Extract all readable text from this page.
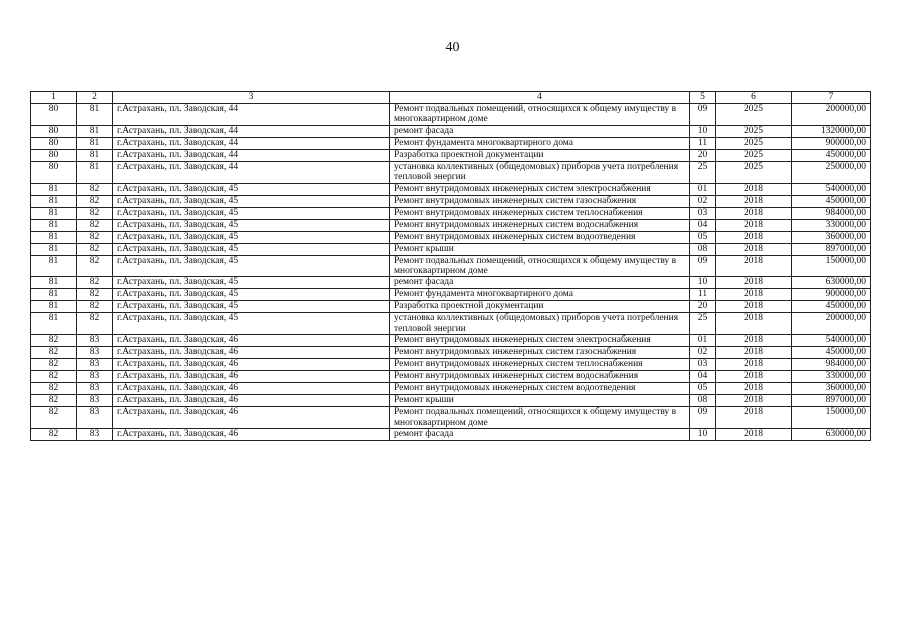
40
1	2	3	4	5	6	7
80	81	г.Астрахань, пл. Заводская, 44	Ремонт подвальных помещений, относящихся к общему имуществу в многоквартирном доме	09	2025	200000,00
80	81	г.Астрахань, пл. Заводская, 44	ремонт фасада	10	2025	1320000,00
80	81	г.Астрахань, пл. Заводская, 44	Ремонт фундамента многоквартирного дома	11	2025	900000,00
80	81	г.Астрахань, пл. Заводская, 44	Разработка проектной документации	20	2025	450000,00
80	81	г.Астрахань, пл. Заводская, 44	установка коллективных (общедомовых) приборов учета потребления тепловой энергии	25	2025	250000,00
81	82	г.Астрахань, пл. Заводская, 45	Ремонт внутридомовых инженерных систем электроснабжения	01	2018	540000,00
81	82	г.Астрахань, пл. Заводская, 45	Ремонт внутридомовых инженерных систем газоснабжения	02	2018	450000,00
81	82	г.Астрахань, пл. Заводская, 45	Ремонт внутридомовых инженерных систем теплоснабжения	03	2018	984000,00
81	82	г.Астрахань, пл. Заводская, 45	Ремонт внутридомовых инженерных систем водоснабжения	04	2018	330000,00
81	82	г.Астрахань, пл. Заводская, 45	Ремонт внутридомовых инженерных систем водоотведения	05	2018	360000,00
81	82	г.Астрахань, пл. Заводская, 45	Ремонт крыши	08	2018	897000,00
81	82	г.Астрахань, пл. Заводская, 45	Ремонт подвальных помещений, относящихся к общему имуществу в многоквартирном доме	09	2018	150000,00
81	82	г.Астрахань, пл. Заводская, 45	ремонт фасада	10	2018	630000,00
81	82	г.Астрахань, пл. Заводская, 45	Ремонт фундамента многоквартирного дома	11	2018	900000,00
81	82	г.Астрахань, пл. Заводская, 45	Разработка проектной документации	20	2018	450000,00
81	82	г.Астрахань, пл. Заводская, 45	установка коллективных (общедомовых) приборов учета потребления тепловой энергии	25	2018	200000,00
82	83	г.Астрахань, пл. Заводская, 46	Ремонт внутридомовых инженерных систем электроснабжения	01	2018	540000,00
82	83	г.Астрахань, пл. Заводская, 46	Ремонт внутридомовых инженерных систем газоснабжения	02	2018	450000,00
82	83	г.Астрахань, пл. Заводская, 46	Ремонт внутридомовых инженерных систем теплоснабжения	03	2018	984000,00
82	83	г.Астрахань, пл. Заводская, 46	Ремонт внутридомовых инженерных систем водоснабжения	04	2018	330000,00
82	83	г.Астрахань, пл. Заводская, 46	Ремонт внутридомовых инженерных систем водоотведения	05	2018	360000,00
82	83	г.Астрахань, пл. Заводская, 46	Ремонт крыши	08	2018	897000,00
82	83	г.Астрахань, пл. Заводская, 46	Ремонт подвальных помещений, относящихся к общему имуществу в многоквартирном доме	09	2018	150000,00
82	83	г.Астрахань, пл. Заводская, 46	ремонт фасада	10	2018	630000,00
